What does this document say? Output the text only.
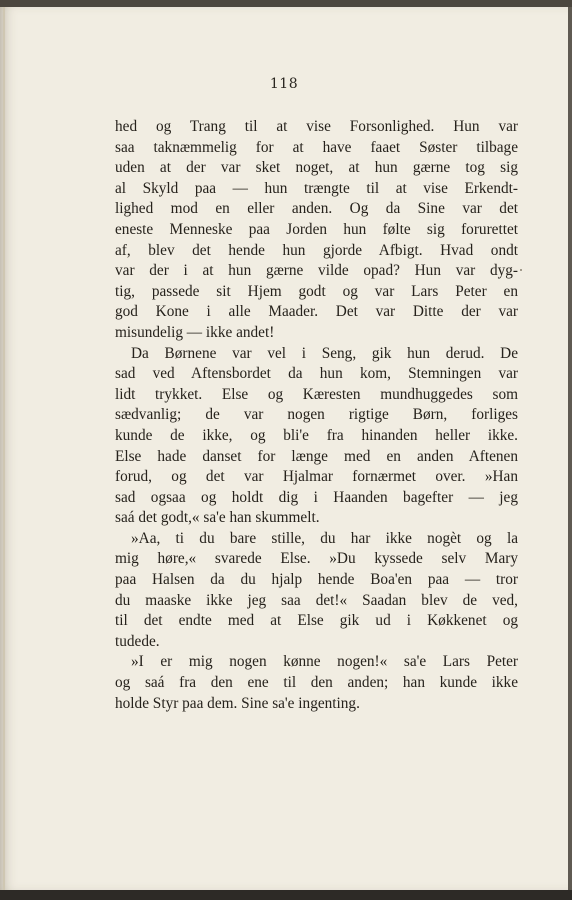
118
hed og Trang til at vise Forsonlighed. Hun var
saa taknæmmelig for at have faaet Søster tilbage
uden at der var sket noget, at hun gærne tog sig
al Skyld paa — hun trængte til at vise Erkendt-
lighed mod en eller anden. Og da Sine var det
eneste Menneske paa Jorden hun følte sig forurettet
af, blev det hende hun gjorde Afbigt. Hvad ondt
var der i at hun gærne vilde opad? Hun var dyg-
tig, passede sit Hjem godt og var Lars Peter en
god Kone i alle Maader. Det var Ditte der var
misundelig — ikke andet!
Da Børnene var vel i Seng, gik hun derud. De
sad ved Aftensbordet da hun kom, Stemningen var
lidt trykket. Else og Kæresten mundhuggedes som
sædvanlig; de var nogen rigtige Børn, forliges
kunde de ikke, og bli'e fra hinanden heller ikke.
Else hade danset for længe med en anden Aftenen
forud, og det var Hjalmar fornærmet over. »Han
sad ogsaa og holdt dig i Haanden bagefter — jeg
saá det godt,« sa'e han skummelt.
»Aa, ti du bare stille, du har ikke nogèt og la
mig høre,« svarede Else. »Du kyssede selv Mary
paa Halsen da du hjalp hende Boa'en paa — tror
du maaske ikke jeg saa det!« Saadan blev de ved,
til det endte med at Else gik ud i Køkkenet og
tudede.
»I er mig nogen kønne nogen!« sa'e Lars Peter
og saá fra den ene til den anden; han kunde ikke
holde Styr paa dem. Sine sa'e ingenting.
